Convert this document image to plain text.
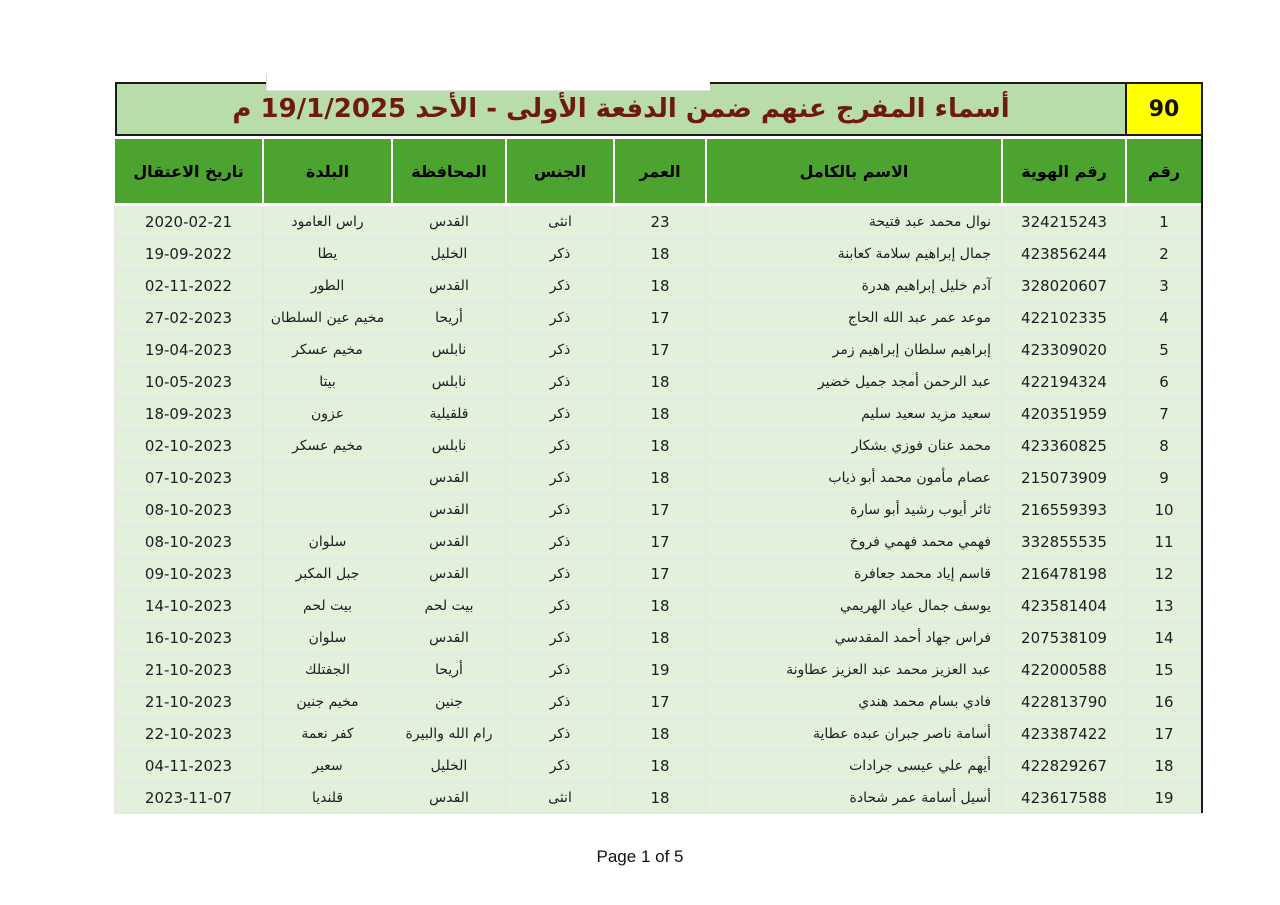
90
أسماء المفرج عنهم ضمن الدفعة الأولى - الأحد 19/1/2025 م
رقم
رقم الهوية
الاسم بالكامل
العمر
الجنس
المحافظة
البلدة
تاريخ الاعتقال
1
324215243
نوال محمد عبد فتيحة
23
انثى
القدس
راس العامود
2020-02-21
2
423856244
جمال إبراهيم سلامة كعابنة
18
ذكر
الخليل
يطا
19-09-2022
3
328020607
آدم خليل إبراهيم هدرة
18
ذكر
القدس
الطور
02-11-2022
4
422102335
موعد عمر عبد الله الحاج
17
ذكر
أريحا
مخيم عين السلطان
27-02-2023
5
423309020
إبراهيم سلطان إبراهيم زمر
17
ذكر
نابلس
مخيم عسكر
19-04-2023
6
422194324
عبد الرحمن أمجد جميل خضير
18
ذكر
نابلس
بيتا
10-05-2023
7
420351959
سعيد مزيد سعيد سليم
18
ذكر
قلقيلية
عزون
18-09-2023
8
423360825
محمد عنان فوزي بشكار
18
ذكر
نابلس
مخيم عسكر
02-10-2023
9
215073909
عصام مأمون محمد أبو ذياب
18
ذكر
القدس
07-10-2023
10
216559393
ثائر أيوب رشيد أبو سارة
17
ذكر
القدس
08-10-2023
11
332855535
فهمي محمد فهمي فروخ
17
ذكر
القدس
سلوان
08-10-2023
12
216478198
قاسم إياد محمد جعافرة
17
ذكر
القدس
جبل المكبر
09-10-2023
13
423581404
يوسف جمال عياد الهريمي
18
ذكر
بيت لحم
بيت لحم
14-10-2023
14
207538109
فراس جهاد أحمد المقدسي
18
ذكر
القدس
سلوان
16-10-2023
15
422000588
عبد العزيز محمد عبد العزيز عطاونة
19
ذكر
أريحا
الجفتلك
21-10-2023
16
422813790
فادي بسام محمد هندي
17
ذكر
جنين
مخيم جنين
21-10-2023
17
423387422
أسامة ناصر جبران عبده عطاية
18
ذكر
رام الله والبيرة
كفر نعمة
22-10-2023
18
422829267
أيهم علي عيسى جرادات
18
ذكر
الخليل
سعير
04-11-2023
19
423617588
أسيل أسامة عمر شحادة
18
انثى
القدس
قلنديا
2023-11-07
Page 1 of 5
